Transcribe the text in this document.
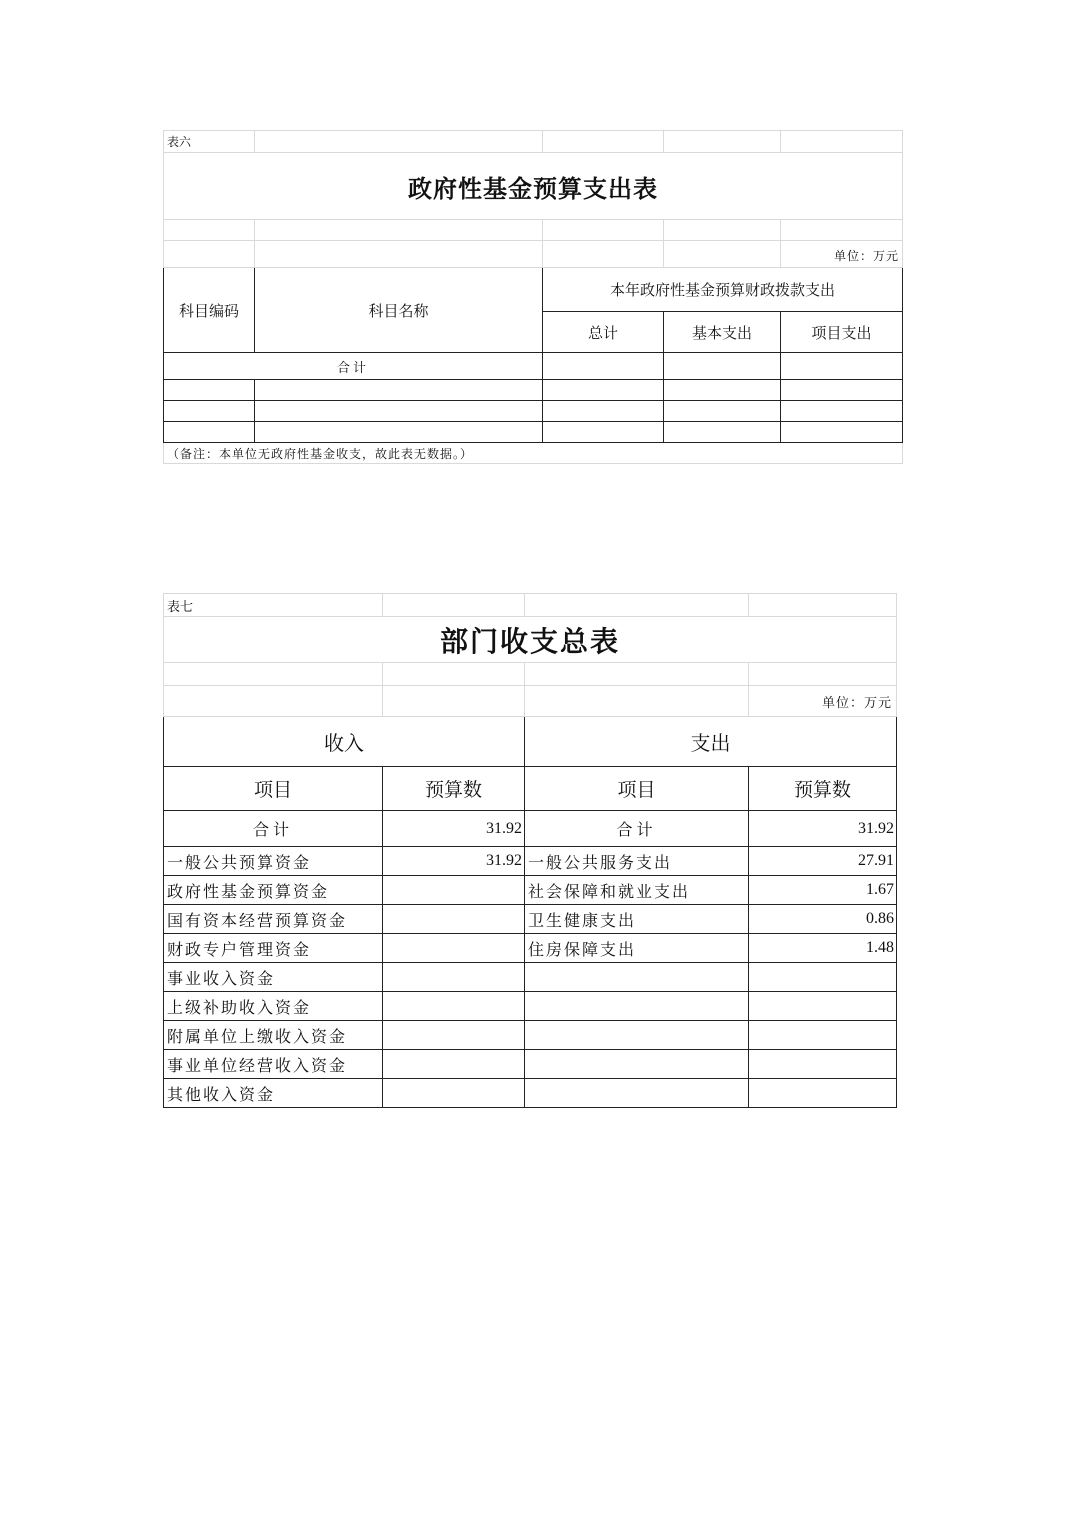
表六				
政府性基金预算支出表				

				单位：万元
科目编码	科目名称	本年政府性基金预算财政拨款支出		
		总计	基本支出	项目支出
合计				

（备注：本单位无政府性基金收支，故此表无数据。）				
表七			
部门收支总表			

			单位：万元
收入		支出	
项目	预算数	项目	预算数
合计	31.92	合计	31.92
一般公共预算资金	31.92	一般公共服务支出	27.91
政府性基金预算资金		社会保障和就业支出	1.67
国有资本经营预算资金		卫生健康支出	0.86
财政专户管理资金		住房保障支出	1.48
事业收入资金			
上级补助收入资金			
附属单位上缴收入资金			
事业单位经营收入资金			
其他收入资金			
